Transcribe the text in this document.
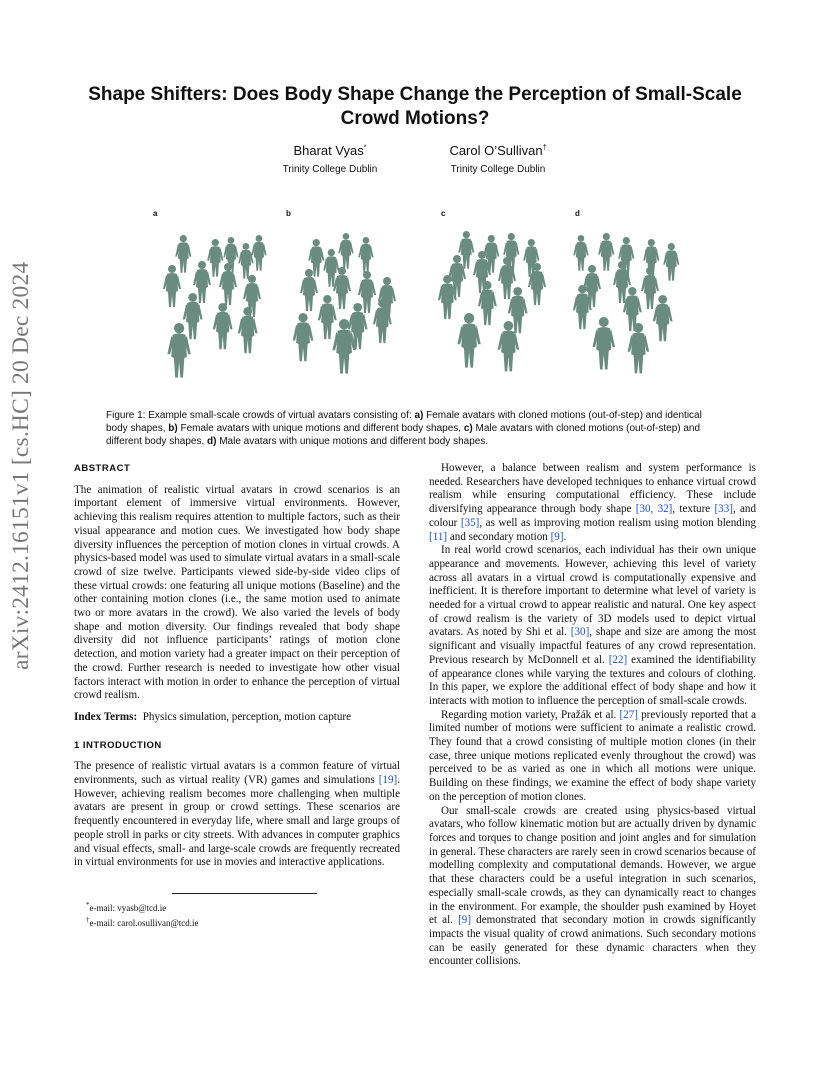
arXiv:2412.16151v1 [cs.HC] 20 Dec 2024
Shape Shifters: Does Body Shape Change the Perception of Small-Scale Crowd Motions?
Bharat Vyas*
Trinity College Dublin
Carol O’Sullivan†
Trinity College Dublin
a	b	c	d
Figure 1: Example small-scale crowds of virtual avatars consisting of: a) Female avatars with cloned motions (out-of-step) and identical body shapes, b) Female avatars with unique motions and different body shapes, c) Male avatars with cloned motions (out-of-step) and different body shapes, d) Male avatars with unique motions and different body shapes.
ABSTRACT

The animation of realistic virtual avatars in crowd scenarios is an important element of immersive virtual environments. However, achieving this realism requires attention to multiple factors, such as their visual appearance and motion cues. We investigated how body shape diversity influences the perception of motion clones in virtual crowds. A physics-based model was used to simulate virtual avatars in a small-scale crowd of size twelve. Participants viewed side-by-side video clips of these virtual crowds: one featuring all unique motions (Baseline) and the other containing motion clones (i.e., the same motion used to animate two or more avatars in the crowd). We also varied the levels of body shape and motion diversity. Our findings revealed that body shape diversity did not influence participants’ ratings of motion clone detection, and motion variety had a greater impact on their perception of the crowd. Further research is needed to investigate how other visual factors interact with motion in order to enhance the perception of virtual crowd realism.

Index Terms: Physics simulation, perception, motion capture

1 INTRODUCTION

The presence of realistic virtual avatars is a common feature of virtual environments, such as virtual reality (VR) games and simulations [19]. However, achieving realism becomes more challenging when multiple avatars are present in group or crowd settings. These scenarios are frequently encountered in everyday life, where small and large groups of people stroll in parks or city streets. With advances in computer graphics and visual effects, small- and large-scale crowds are frequently recreated in virtual environments for use in movies and interactive applications.

*e-mail: vyasb@tcd.ie
†e-mail: carol.osullivan@tcd.ie

However, a balance between realism and system performance is needed. Researchers have developed techniques to enhance virtual crowd realism while ensuring computational efficiency. These include diversifying appearance through body shape [30, 32], texture [33], and colour [35], as well as improving motion realism using motion blending [11] and secondary motion [9].

In real world crowd scenarios, each individual has their own unique appearance and movements. However, achieving this level of variety across all avatars in a virtual crowd is computationally expensive and inefficient. It is therefore important to determine what level of variety is needed for a virtual crowd to appear realistic and natural. One key aspect of crowd realism is the variety of 3D models used to depict virtual avatars. As noted by Shi et al. [30], shape and size are among the most significant and visually impactful features of any crowd representation. Previous research by McDonnell et al. [22] examined the identifiability of appearance clones while varying the textures and colours of clothing. In this paper, we explore the additional effect of body shape and how it interacts with motion to influence the perception of small-scale crowds.

Regarding motion variety, Pražák et al. [27] previously reported that a limited number of motions were sufficient to animate a realistic crowd. They found that a crowd consisting of multiple motion clones (in their case, three unique motions replicated evenly throughout the crowd) was perceived to be as varied as one in which all motions were unique. Building on these findings, we examine the effect of body shape variety on the perception of motion clones.

Our small-scale crowds are created using physics-based virtual avatars, who follow kinematic motion but are actually driven by dynamic forces and torques to change position and joint angles and for simulation in general. These characters are rarely seen in crowd scenarios because of modelling complexity and computational demands. However, we argue that these characters could be a useful integration in such scenarios, especially small-scale crowds, as they can dynamically react to changes in the environment. For example, the shoulder push examined by Hoyet et al. [9] demonstrated that secondary motion in crowds significantly impacts the visual quality of crowd animations. Such secondary motions can be easily generated for these dynamic characters when they encounter collisions.
